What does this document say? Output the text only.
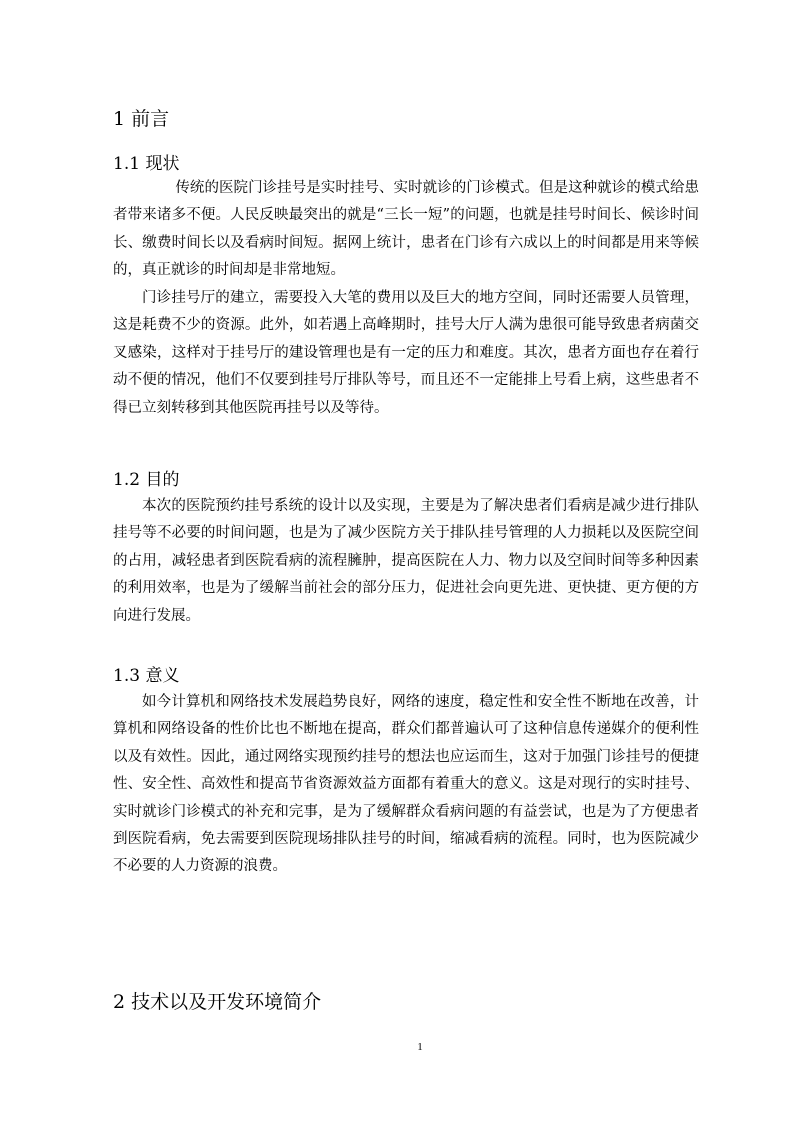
1 前言
1.1 现状

传统的医院门诊挂号是实时挂号、实时就诊的门诊模式。但是这种就诊的模式给患者带来诸多不便。人民反映最突出的就是“三长一短”的问题，也就是挂号时间长、候诊时间长、缴费时间长以及看病时间短。据网上统计，患者在门诊有六成以上的时间都是用来等候的，真正就诊的时间却是非常地短。

门诊挂号厅的建立，需要投入大笔的费用以及巨大的地方空间，同时还需要人员管理，这是耗费不少的资源。此外，如若遇上高峰期时，挂号大厅人满为患很可能导致患者病菌交叉感染，这样对于挂号厅的建设管理也是有一定的压力和难度。其次，患者方面也存在着行动不便的情况，他们不仅要到挂号厅排队等号，而且还不一定能排上号看上病，这些患者不得已立刻转移到其他医院再挂号以及等待。

1.2 目的

本次的医院预约挂号系统的设计以及实现，主要是为了解决患者们看病是减少进行排队挂号等不必要的时间问题，也是为了减少医院方关于排队挂号管理的人力损耗以及医院空间的占用，减轻患者到医院看病的流程臃肿，提高医院在人力、物力以及空间时间等多种因素的利用效率，也是为了缓解当前社会的部分压力，促进社会向更先进、更快捷、更方便的方向进行发展。

1.3 意义

如今计算机和网络技术发展趋势良好，网络的速度，稳定性和安全性不断地在改善，计算机和网络设备的性价比也不断地在提高，群众们都普遍认可了这种信息传递媒介的便利性以及有效性。因此，通过网络实现预约挂号的想法也应运而生，这对于加强门诊挂号的便捷性、安全性、高效性和提高节省资源效益方面都有着重大的意义。这是对现行的实时挂号、实时就诊门诊模式的补充和完事，是为了缓解群众看病问题的有益尝试，也是为了方便患者到医院看病，免去需要到医院现场排队挂号的时间，缩减看病的流程。同时，也为医院减少不必要的人力资源的浪费。

2 技术以及开发环境简介
1
